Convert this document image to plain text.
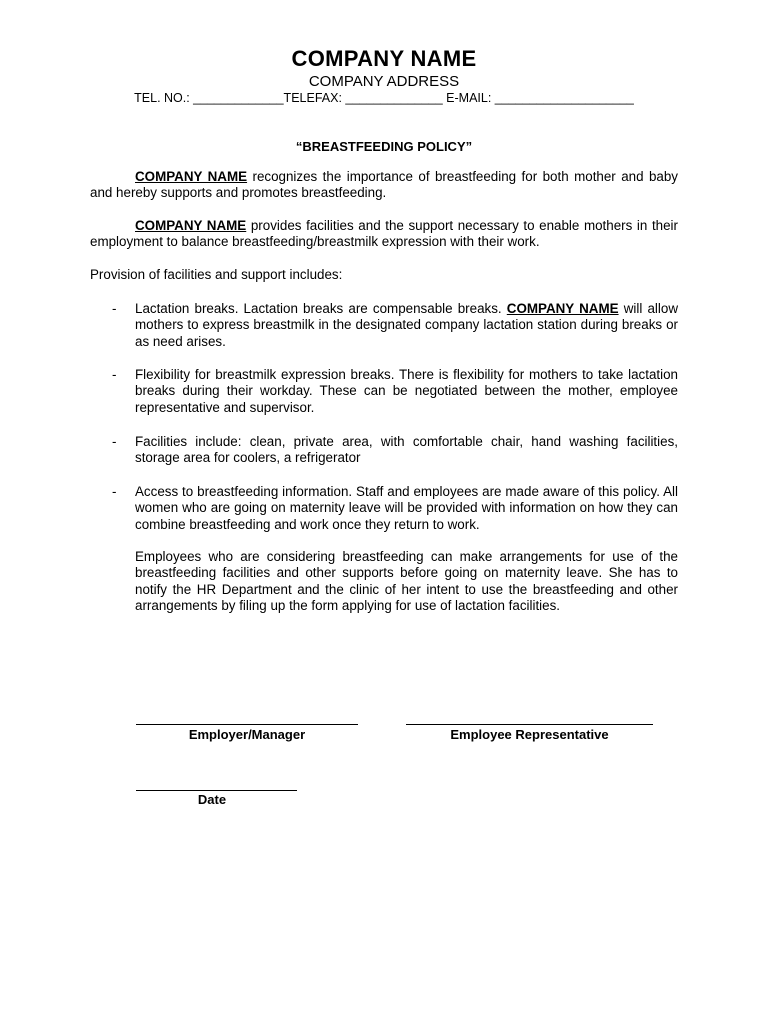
COMPANY NAME
COMPANY ADDRESS
TEL. NO.: _____________TELEFAX: ______________ E-MAIL: ____________________
“BREASTFEEDING POLICY”
COMPANY NAME recognizes the importance of breastfeeding for both mother and baby and hereby supports and promotes breastfeeding.
COMPANY NAME provides facilities and the support necessary to enable mothers in their employment to balance breastfeeding/breastmilk expression with their work.
Provision of facilities and support includes:
- Lactation breaks. Lactation breaks are compensable breaks. COMPANY NAME will allow mothers to express breastmilk in the designated company lactation station during breaks or as need arises.
- Flexibility for breastmilk expression breaks. There is flexibility for mothers to take lactation breaks during their workday. These can be negotiated between the mother, employee representative and supervisor.
- Facilities include: clean, private area, with comfortable chair, hand washing facilities, storage area for coolers, a refrigerator
- Access to breastfeeding information. Staff and employees are made aware of this policy. All women who are going on maternity leave will be provided with information on how they can combine breastfeeding and work once they return to work.
Employees who are considering breastfeeding can make arrangements for use of the breastfeeding facilities and other supports before going on maternity leave. She has to notify the HR Department and the clinic of her intent to use the breastfeeding and other arrangements by filing up the form applying for use of lactation facilities.
Employer/Manager	Employee Representative
Date
